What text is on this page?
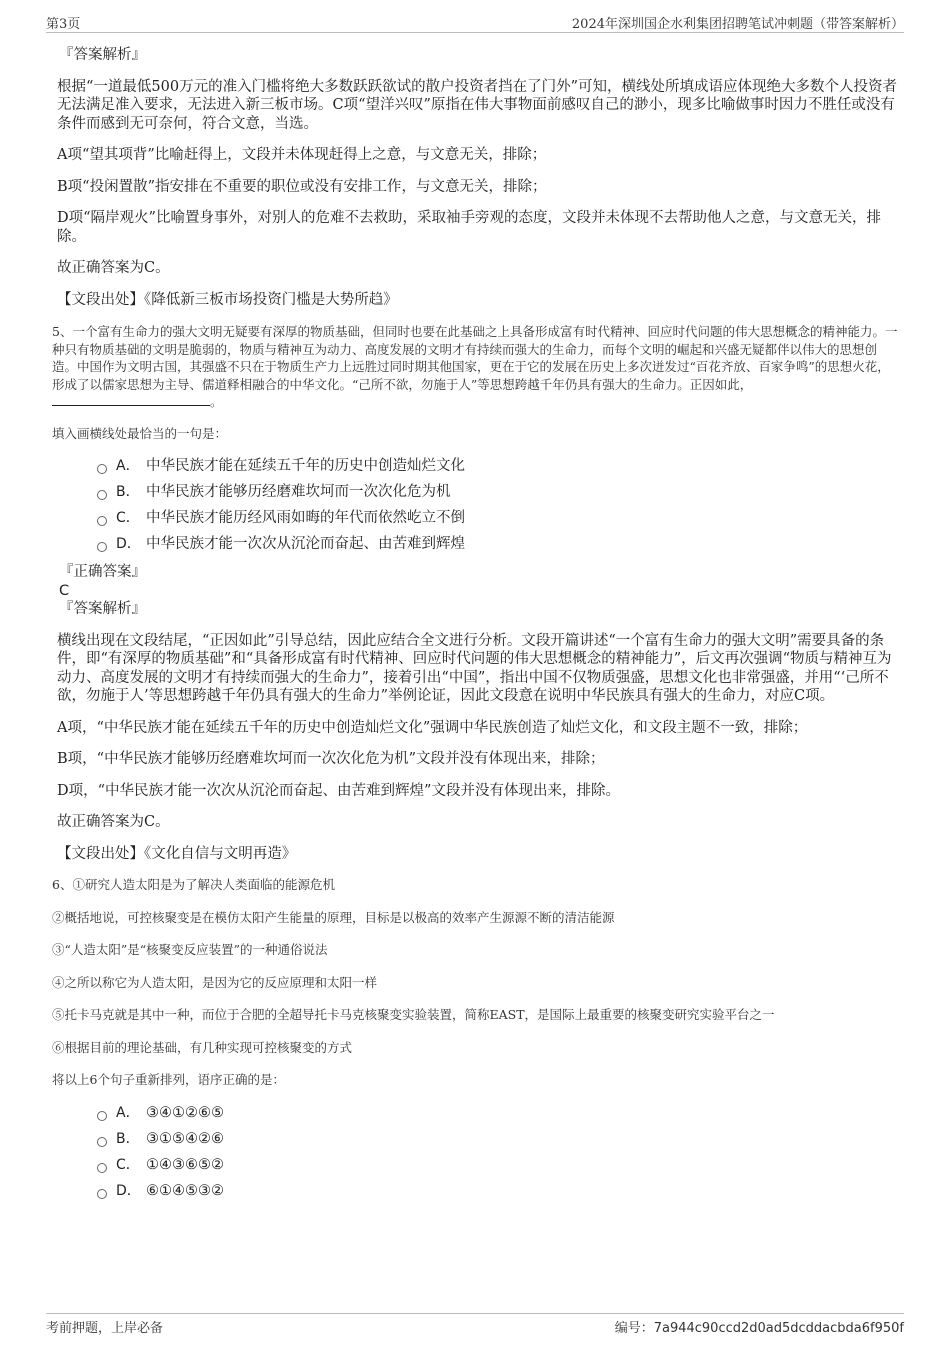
第3页	2024年深圳国企水利集团招聘笔试冲刺题（带答案解析）

『答案解析』

根据“一道最低500万元的准入门槛将绝大多数跃跃欲试的散户投资者挡在了门外”可知，横线处所填成语应体现绝大多数个人投资者无法满足准入要求，无法进入新三板市场。C项“望洋兴叹”原指在伟大事物面前感叹自己的渺小，现多比喻做事时因力不胜任或没有条件而感到无可奈何，符合文意，当选。

A项“望其项背”比喻赶得上，文段并未体现赶得上之意，与文意无关，排除；

B项“投闲置散”指安排在不重要的职位或没有安排工作，与文意无关，排除；

D项“隔岸观火”比喻置身事外，对别人的危难不去救助，采取袖手旁观的态度，文段并未体现不去帮助他人之意，与文意无关，排除。

故正确答案为C。

【文段出处】《降低新三板市场投资门槛是大势所趋》

5、一个富有生命力的强大文明无疑要有深厚的物质基础，但同时也要在此基础之上具备形成富有时代精神、回应时代问题的伟大思想概念的精神能力。一种只有物质基础的文明是脆弱的，物质与精神互为动力、高度发展的文明才有持续而强大的生命力，而每个文明的崛起和兴盛无疑都伴以伟大的思想创造。中国作为文明古国，其强盛不只在于物质生产力上远胜过同时期其他国家，更在于它的发展在历史上多次迸发过“百花齐放、百家争鸣”的思想火花，形成了以儒家思想为主导、儒道释相融合的中华文化。“己所不欲，勿施于人”等思想跨越千年仍具有强大的生命力。正因如此， 。

填入画横线处最恰当的一句是：

A． 中华民族才能在延续五千年的历史中创造灿烂文化
B． 中华民族才能够历经磨难坎坷而一次次化危为机
C． 中华民族才能历经风雨如晦的年代而依然屹立不倒
D． 中华民族才能一次次从沉沦而奋起、由苦难到辉煌

『正确答案』

C

『答案解析』

横线出现在文段结尾，“正因如此”引导总结，因此应结合全文进行分析。文段开篇讲述“一个富有生命力的强大文明”需要具备的条件，即“有深厚的物质基础”和“具备形成富有时代精神、回应时代问题的伟大思想概念的精神能力”，后文再次强调“物质与精神互为动力、高度发展的文明才有持续而强大的生命力”，接着引出“中国”，指出中国不仅物质强盛，思想文化也非常强盛，并用“‘己所不欲，勿施于人’等思想跨越千年仍具有强大的生命力”举例论证，因此文段意在说明中华民族具有强大的生命力，对应C项。

A项，“中华民族才能在延续五千年的历史中创造灿烂文化”强调中华民族创造了灿烂文化，和文段主题不一致，排除；

B项，“中华民族才能够历经磨难坎坷而一次次化危为机”文段并没有体现出来，排除；

D项，“中华民族才能一次次从沉沦而奋起、由苦难到辉煌”文段并没有体现出来，排除。

故正确答案为C。

【文段出处】《文化自信与文明再造》

6、①研究人造太阳是为了解决人类面临的能源危机

②概括地说，可控核聚变是在模仿太阳产生能量的原理，目标是以极高的效率产生源源不断的清洁能源

③“人造太阳”是“核聚变反应装置”的一种通俗说法

④之所以称它为人造太阳，是因为它的反应原理和太阳一样

⑤托卡马克就是其中一种，而位于合肥的全超导托卡马克核聚变实验装置，简称EAST，是国际上最重要的核聚变研究实验平台之一

⑥根据目前的理论基础，有几种实现可控核聚变的方式

将以上6个句子重新排列，语序正确的是：

A． ③④①②⑥⑤
B． ③①⑤④②⑥
C． ①④③⑥⑤②
D． ⑥①④⑤③②
考前押题，上岸必备	编号：7a944c90ccd2d0ad5dcddacbda6f950f
